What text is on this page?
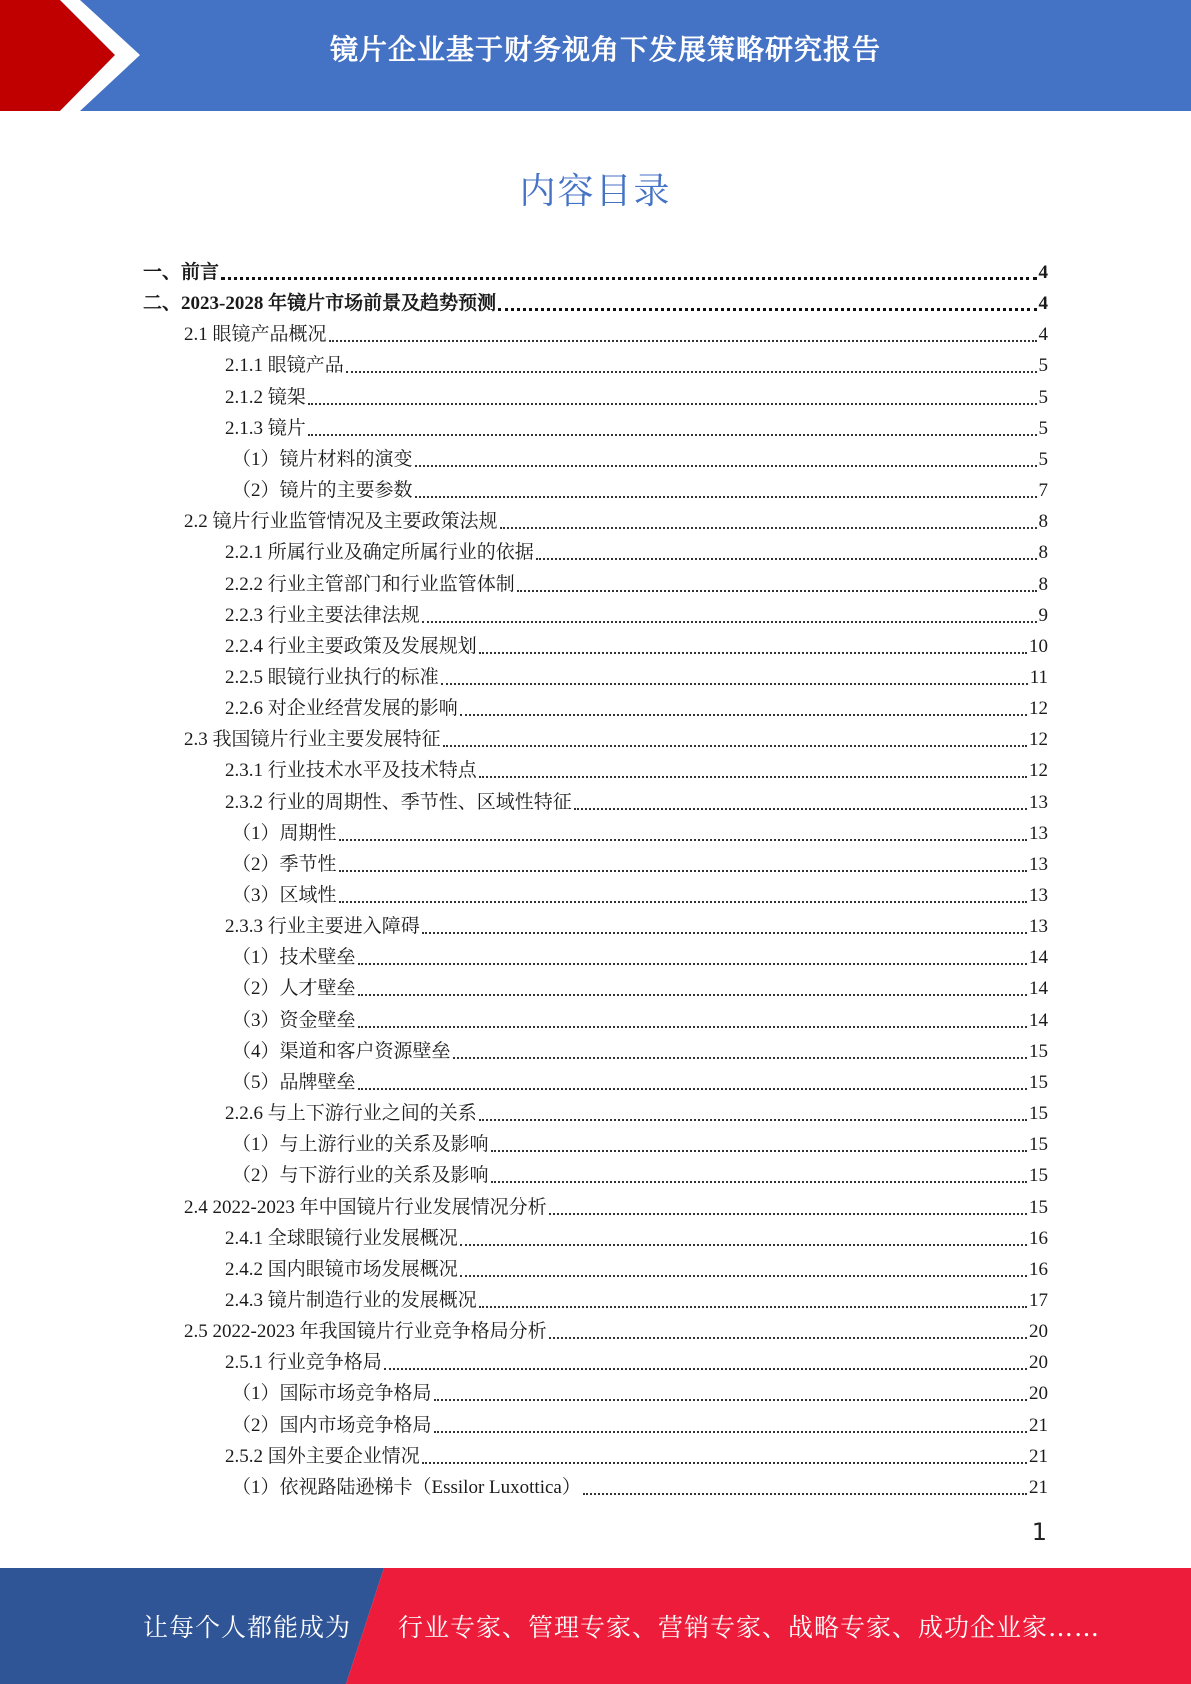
镜片企业基于财务视角下发展策略研究报告
内容目录
一、前言	4
二、2023-2028 年镜片市场前景及趋势预测	4
2.1 眼镜产品概况	4
2.1.1 眼镜产品	5
2.1.2 镜架	5
2.1.3 镜片	5
（1）镜片材料的演变	5
（2）镜片的主要参数	7
2.2 镜片行业监管情况及主要政策法规	8
2.2.1 所属行业及确定所属行业的依据	8
2.2.2 行业主管部门和行业监管体制	8
2.2.3 行业主要法律法规	9
2.2.4 行业主要政策及发展规划	10
2.2.5 眼镜行业执行的标准	11
2.2.6 对企业经营发展的影响	12
2.3 我国镜片行业主要发展特征	12
2.3.1 行业技术水平及技术特点	12
2.3.2 行业的周期性、季节性、区域性特征	13
（1）周期性	13
（2）季节性	13
（3）区域性	13
2.3.3 行业主要进入障碍	13
（1）技术壁垒	14
（2）人才壁垒	14
（3）资金壁垒	14
（4）渠道和客户资源壁垒	15
（5）品牌壁垒	15
2.2.6 与上下游行业之间的关系	15
（1）与上游行业的关系及影响	15
（2）与下游行业的关系及影响	15
2.4 2022-2023 年中国镜片行业发展情况分析	15
2.4.1 全球眼镜行业发展概况	16
2.4.2 国内眼镜市场发展概况	16
2.4.3 镜片制造行业的发展概况	17
2.5 2022-2023 年我国镜片行业竞争格局分析	20
2.5.1 行业竞争格局	20
（1）国际市场竞争格局	20
（2）国内市场竞争格局	21
2.5.2 国外主要企业情况	21
（1）依视路陆逊梯卡（Essilor Luxottica）	21
1
让每个人都能成为 行业专家、管理专家、营销专家、战略专家、成功企业家……
